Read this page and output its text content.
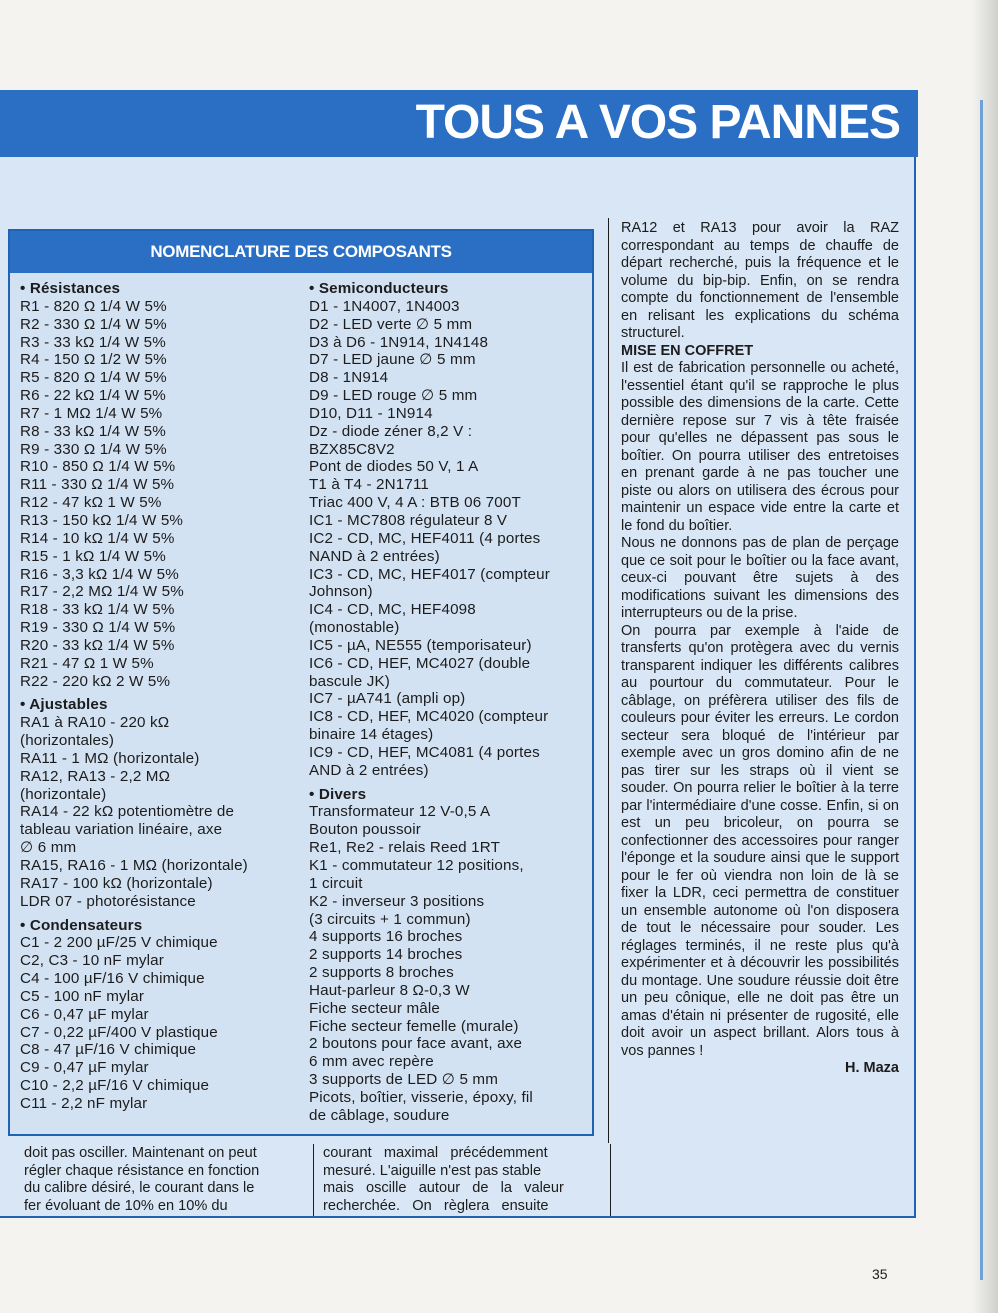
TOUS A VOS PANNES
NOMENCLATURE DES COMPOSANTS
• Résistances
R1 - 820 Ω 1/4 W 5%
R2 - 330 Ω 1/4 W 5%
R3 - 33 kΩ 1/4 W 5%
R4 - 150 Ω 1/2 W 5%
R5 - 820 Ω 1/4 W 5%
R6 - 22 kΩ 1/4 W 5%
R7 - 1 MΩ 1/4 W 5%
R8 - 33 kΩ 1/4 W 5%
R9 - 330 Ω 1/4 W 5%
R10 - 850 Ω 1/4 W 5%
R11 - 330 Ω 1/4 W 5%
R12 - 47 kΩ 1 W 5%
R13 - 150 kΩ 1/4 W 5%
R14 - 10 kΩ 1/4 W 5%
R15 - 1 kΩ 1/4 W 5%
R16 - 3,3 kΩ 1/4 W 5%
R17 - 2,2 MΩ 1/4 W 5%
R18 - 33 kΩ 1/4 W 5%
R19 - 330 Ω 1/4 W 5%
R20 - 33 kΩ 1/4 W 5%
R21 - 47 Ω 1 W 5%
R22 - 220 kΩ 2 W 5%
• Ajustables
RA1 à RA10 - 220 kΩ
(horizontales)
RA11 - 1 MΩ (horizontale)
RA12, RA13 - 2,2 MΩ
(horizontale)
RA14 - 22 kΩ potentiomètre de
tableau variation linéaire, axe
∅ 6 mm
RA15, RA16 - 1 MΩ (horizontale)
RA17 - 100 kΩ (horizontale)
LDR 07 - photorésistance
• Condensateurs
C1 - 2 200 µF/25 V chimique
C2, C3 - 10 nF mylar
C4 - 100 µF/16 V chimique
C5 - 100 nF mylar
C6 - 0,47 µF mylar
C7 - 0,22 µF/400 V plastique
C8 - 47 µF/16 V chimique
C9 - 0,47 µF mylar
C10 - 2,2 µF/16 V chimique
C11 - 2,2 nF mylar
• Semiconducteurs
D1 - 1N4007, 1N4003
D2 - LED verte ∅ 5 mm
D3 à D6 - 1N914, 1N4148
D7 - LED jaune ∅ 5 mm
D8 - 1N914
D9 - LED rouge ∅ 5 mm
D10, D11 - 1N914
Dz - diode zéner 8,2 V :
BZX85C8V2
Pont de diodes 50 V, 1 A
T1 à T4 - 2N1711
Triac 400 V, 4 A : BTB 06 700T
IC1 - MC7808 régulateur 8 V
IC2 - CD, MC, HEF4011 (4 portes
NAND à 2 entrées)
IC3 - CD, MC, HEF4017 (compteur
Johnson)
IC4 - CD, MC, HEF4098
(monostable)
IC5 - µA, NE555 (temporisateur)
IC6 - CD, HEF, MC4027 (double
bascule JK)
IC7 - µA741 (ampli op)
IC8 - CD, HEF, MC4020 (compteur
binaire 14 étages)
IC9 - CD, HEF, MC4081 (4 portes
AND à 2 entrées)
• Divers
Transformateur 12 V-0,5 A
Bouton poussoir
Re1, Re2 - relais Reed 1RT
K1 - commutateur 12 positions,
1 circuit
K2 - inverseur 3 positions
(3 circuits + 1 commun)
4 supports 16 broches
2 supports 14 broches
2 supports 8 broches
Haut-parleur 8 Ω-0,3 W
Fiche secteur mâle
Fiche secteur femelle (murale)
2 boutons pour face avant, axe
6 mm avec repère
3 supports de LED ∅ 5 mm
Picots, boîtier, visserie, époxy, fil
de câblage, soudure

RA12 et RA13 pour avoir la RAZ correspondant au temps de chauffe de départ recherché, puis la fréquence et le volume du bip-bip. Enfin, on se rendra compte du fonctionnement de l'ensemble en relisant les explications du schéma structurel.

MISE EN COFFRET

Il est de fabrication personnelle ou acheté, l'essentiel étant qu'il se rapproche le plus possible des dimensions de la carte. Cette dernière repose sur 7 vis à tête fraisée pour qu'elles ne dépassent pas sous le boîtier. On pourra utiliser des entretoises en prenant garde à ne pas toucher une piste ou alors on utilisera des écrous pour maintenir un espace vide entre la carte et le fond du boîtier.

Nous ne donnons pas de plan de perçage que ce soit pour le boîtier ou la face avant, ceux-ci pouvant être sujets à des modifications suivant les dimensions des interrupteurs ou de la prise.

On pourra par exemple à l'aide de transferts qu'on protègera avec du vernis transparent indiquer les différents calibres au pourtour du commutateur. Pour le câblage, on préfèrera utiliser des fils de couleurs pour éviter les erreurs. Le cordon secteur sera bloqué de l'intérieur par exemple avec un gros domino afin de ne pas tirer sur les straps où il vient se souder. On pourra relier le boîtier à la terre par l'intermédiaire d'une cosse. Enfin, si on est un peu bricoleur, on pourra se confectionner des accessoires pour ranger l'éponge et la soudure ainsi que le support pour le fer où viendra non loin de là se fixer la LDR, ceci permettra de constituer un ensemble autonome où l'on disposera de tout le nécessaire pour souder. Les réglages terminés, il ne reste plus qu'à expérimenter et à découvrir les possibilités du montage. Une soudure réussie doit être un peu cônique, elle ne doit pas être un amas d'étain ni présenter de rugosité, elle doit avoir un aspect brillant. Alors tous à vos pannes !

H. Maza

doit pas osciller. Maintenant on peut
régler chaque résistance en fonction
du calibre désiré, le courant dans le
fer évoluant de 10% en 10% du
courant   maximal   précédemment
mesuré. L'aiguille n'est pas stable
mais   oscille   autour   de   la   valeur
recherchée.   On   règlera   ensuite
35
